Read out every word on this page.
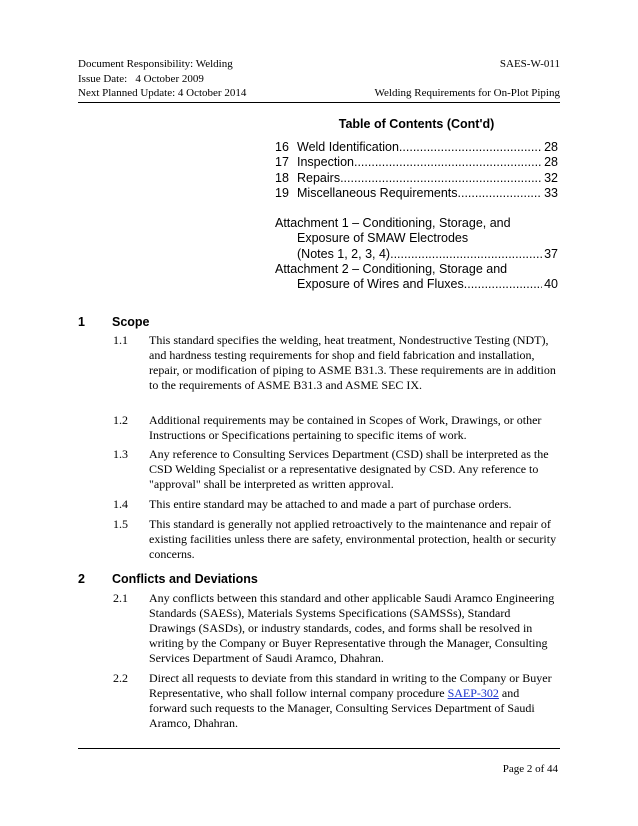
Document Responsibility: Welding	SAES-W-011
Issue Date:   4 October 2009
Next Planned Update: 4 October 2014	Welding Requirements for On-Plot Piping
Table of Contents (Cont'd)
16 Weld Identification .....	28
17 Inspection .....	28
18 Repairs .....	32
19 Miscellaneous Requirements .....	33
Attachment 1 – Conditioning, Storage, and
Exposure of SMAW Electrodes
(Notes 1, 2, 3, 4) .....	37
Attachment 2 – Conditioning, Storage and
Exposure of Wires and Fluxes .....	40
1 Scope
1.1 This standard specifies the welding, heat treatment, Nondestructive Testing (NDT), and hardness testing requirements for shop and field fabrication and installation, repair, or modification of piping to ASME B31.3. These requirements are in addition to the requirements of ASME B31.3 and ASME SEC IX.
1.2 Additional requirements may be contained in Scopes of Work, Drawings, or other Instructions or Specifications pertaining to specific items of work.
1.3 Any reference to Consulting Services Department (CSD) shall be interpreted as the CSD Welding Specialist or a representative designated by CSD. Any reference to "approval" shall be interpreted as written approval.
1.4 This entire standard may be attached to and made a part of purchase orders.
1.5 This standard is generally not applied retroactively to the maintenance and repair of existing facilities unless there are safety, environmental protection, health or security concerns.
2 Conflicts and Deviations
2.1 Any conflicts between this standard and other applicable Saudi Aramco Engineering Standards (SAESs), Materials Systems Specifications (SAMSSs), Standard Drawings (SASDs), or industry standards, codes, and forms shall be resolved in writing by the Company or Buyer Representative through the Manager, Consulting Services Department of Saudi Aramco, Dhahran.
2.2 Direct all requests to deviate from this standard in writing to the Company or Buyer Representative, who shall follow internal company procedure SAEP-302 and forward such requests to the Manager, Consulting Services Department of Saudi Aramco, Dhahran.
Page 2 of 44
